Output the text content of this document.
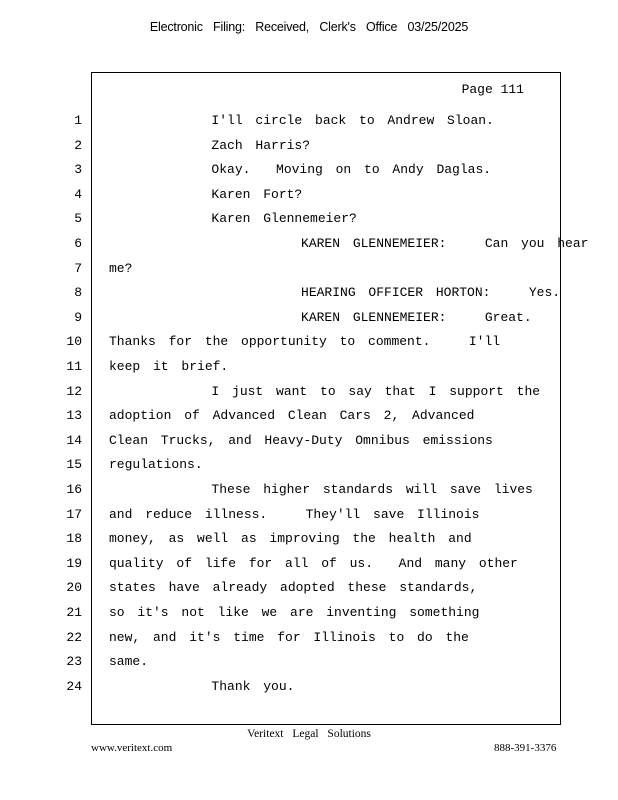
Electronic Filing: Received, Clerk's Office 03/25/2025
Page 111
1 I'll circle back to Andrew Sloan.
2 Zach Harris?
3 Okay.  Moving on to Andy Daglas.
4 Karen Fort?
5 Karen Glennemeier?
6 KAREN GLENNEMEIER:   Can you hear
7 me?
8 HEARING OFFICER HORTON:   Yes.
9 KAREN GLENNEMEIER:   Great.
10 Thanks for the opportunity to comment.   I'll
11 keep it brief.
12 I just want to say that I support the
13 adoption of Advanced Clean Cars 2, Advanced
14 Clean Trucks, and Heavy-Duty Omnibus emissions
15 regulations.
16 These higher standards will save lives
17 and reduce illness.   They'll save Illinois
18 money, as well as improving the health and
19 quality of life for all of us.  And many other
20 states have already adopted these standards,
21 so it's not like we are inventing something
22 new, and it's time for Illinois to do the
23 same.
24 Thank you.
Veritext Legal Solutions
www.veritext.com	888-391-3376
